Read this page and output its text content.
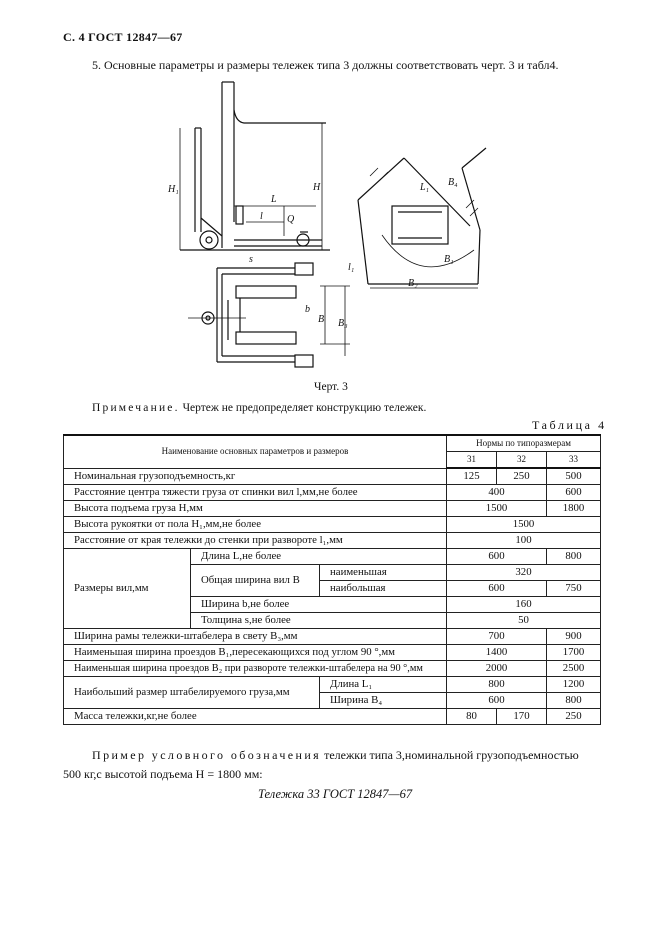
С. 4 ГОСТ 12847—67
5. Основные параметры и размеры тележек типа 3 должны соответствовать черт. 3 и табл4.
H₁	H
L
l Q
s
B
b
B₃
B₂
B₁
l₁
L₁ B₄
Черт. 3
Примечание. Чертеж не предопределяет конструкцию тележек.
Таблица 4
Наименование основных параметров и размеров			Нормы по типоразмерам		
			31	32	33
Номинальная грузоподъемность,кг			125	250	500
Расстояние центра тяжести груза от спинки вил l,мм,не более			400		600
Высота подъема груза H,мм			1500		1800
Высота рукоятки от пола H₁,мм,не более			1500		
Расстояние от края тележки до стенки при развороте l₁,мм			100		
Размеры вил,мм	Длина L,не более		600		800
	Общая ширина вил B	наименьшая	320		
		наибольшая	600		750
	Ширина b,не более		160		
	Толщина s,не более		50		
Ширина рамы тележки-штабелера в свету B₃,мм			700		900
Наименьшая ширина проездов B₁,пересекающихся под углом 90 °,мм			1400		1700
Наименьшая ширина проездов B₂ при развороте тележки-штабелера на 90 °,мм			2000		2500
Наибольший размер штабелируемого груза,мм		Длина L₁	800		1200
		Ширина B₄	600		800
Масса тележки,кг,не более			80	170	250
Пример условного обозначения тележки типа 3,номинальной грузоподъемностью
500 кг,с высотой подъема H = 1800 мм:
Тележка 33 ГОСТ 12847—67
